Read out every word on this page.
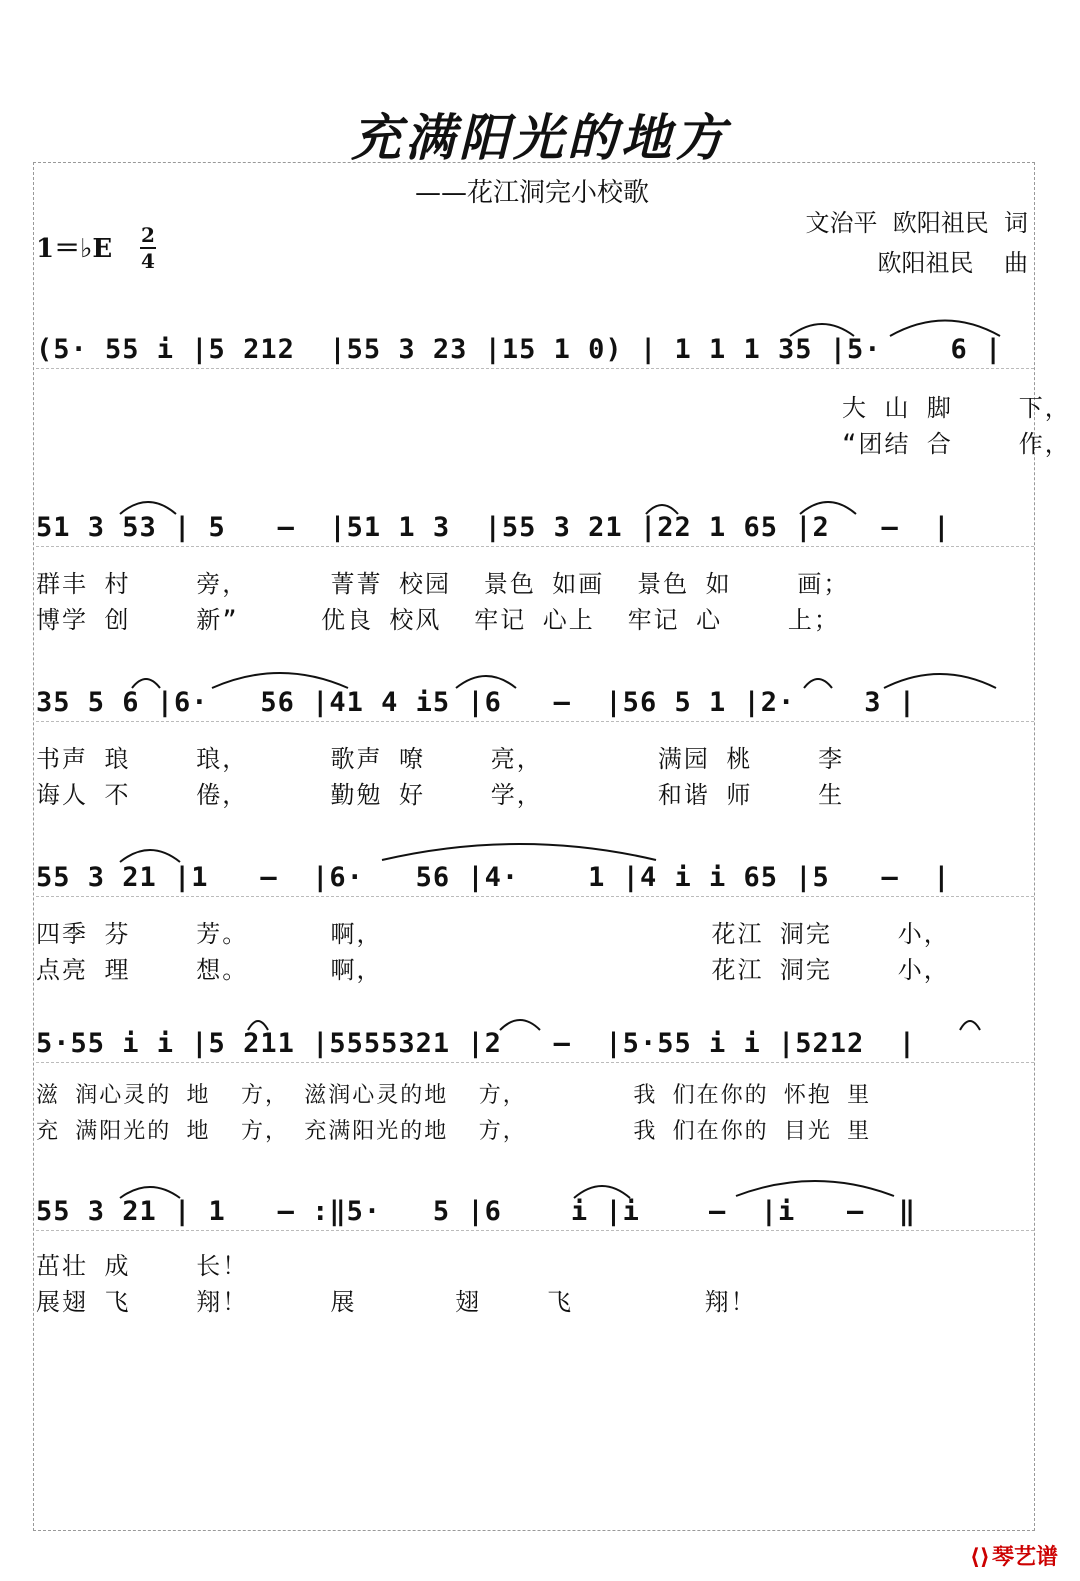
充满阳光的地方
——花江洞完小校歌
文治平  欧阳祖民  词
欧阳祖民    曲
1＝♭E 2
4
(5· 55 i |5 212  |55 3 23 |15 1 0) | 1 1 1 35 |5·    6 |
大 山 脚    下，
“团结 合    作，
51 3 53 | 5   –  |51 1 3  |55 3 21 |22 1 65 |2   –  |
群丰 村    旁，     菁菁 校园  景色 如画  景色 如    画；
博学 创    新”     优良 校风  牢记 心上  牢记 心    上；
35 5 6 |6·   56 |41 4 i5 |6   –  |56 5 1 |2·    3 |
书声 琅    琅，     歌声 嘹    亮，       满园 桃    李
诲人 不    倦，     勤勉 好    学，       和谐 师    生
55 3 21 |1   –  |6·   56 |4·    1 |4 i i 65 |5   –  |
四季 芬    芳。     啊，                    花江 洞完    小，
点亮 理    想。     啊，                    花江 洞完    小，
5·55 i i |5 211 |5555321 |2   –  |5·55 i i |5212  |
滋 润心灵的 地  方， 滋润心灵的地  方，       我 们在你的 怀抱 里
充 满阳光的 地  方， 充满阳光的地  方，       我 们在你的 目光 里
55 3 21 | 1   – :‖5·   5 |6    i |i    –  |i   –  ‖
茁壮 成    长！
展翅 飞    翔！     展      翅    飞        翔！
⟨⟩琴艺谱
